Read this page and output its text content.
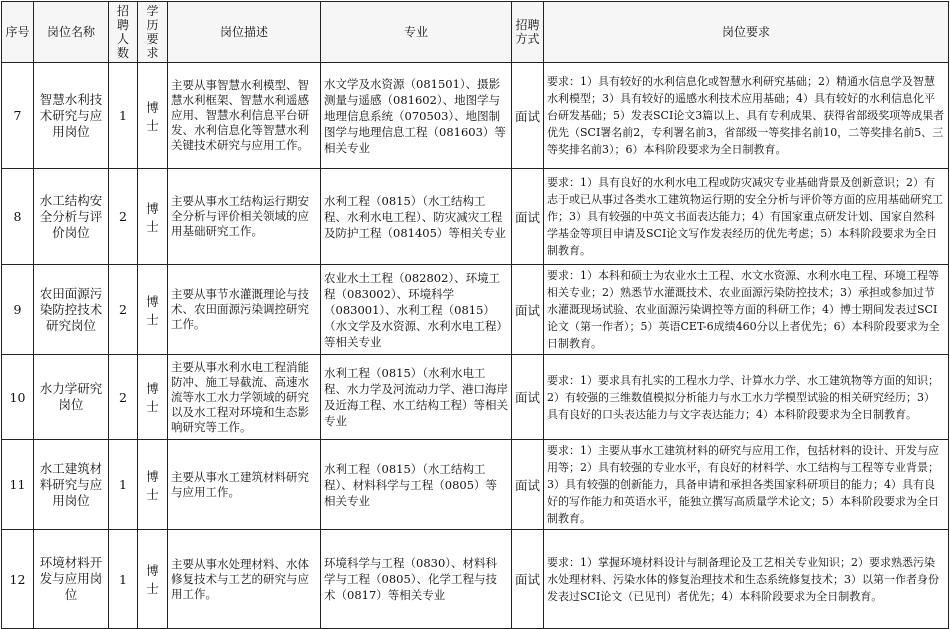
序号	岗位名称	招聘人数	学历要求	岗位描述	专业	招聘方式	岗位要求
7	智慧水利技术研究与应用岗位	1	博士	主要从事智慧水利模型、智慧水利框架、智慧水利遥感应用、智慧水利信息平台研发、水利信息化等智慧水利关键技术研究与应用工作。	水文学及水资源（081501）、摄影测量与遥感（081602）、地图学与地理信息系统（070503）、地图制图学与地理信息工程（081603）等相关专业	面试	要求：1）具有较好的水利信息化或智慧水利研究基础；2）精通水信息学及智慧水利模型；3）具有较好的遥感水利技术应用基础；4）具有较好的水利信息化平台研发基础；5）发表SCI论文3篇以上、具有专利成果、获得省部级奖项等成果者优先（SCI署名前2，专利署名前3，省部级一等奖排名前10，二等奖排名前5、三等奖排名前3）；6）本科阶段要求为全日制教育。
8	水工结构安全分析与评价岗位	2	博士	主要从事水工结构运行期安全分析与评价相关领域的应用基础研究工作。	水利工程（0815）（水工结构工程、水利水电工程）、防灾减灾工程及防护工程（081405）等相关专业	面试	要求：1）具有良好的水利水电工程或防灾减灾专业基础背景及创新意识；2）有志于或已从事过各类水工建筑物运行期的安全分析与评价等方面的应用基础研究工作；3）具有较强的中英文书面表达能力；4）有国家重点研发计划、国家自然科学基金等项目申请及SCI论文写作发表经历的优先考虑；5）本科阶段要求为全日制教育。
9	农田面源污染防控技术研究岗位	2	博士	主要从事节水灌溉理论与技术、农田面源污染调控研究工作。	农业水土工程（082802）、环境工程（083002）、环境科学（083001）、水利工程（0815）（水文学及水资源、水利水电工程）等相关专业	面试	要求：1）本科和硕士为农业水土工程、水文水资源、水利水电工程、环境工程等相关专业；2）熟悉节水灌溉技术、农业面源污染防控技术；3）承担或参加过节水灌溉现场试验、农业面源污染调控等方面的科研工作；4）博士期间发表过SCI论文（第一作者）；5）英语CET-6成绩460分以上者优先；6）本科阶段要求为全日制教育。
10	水力学研究岗位	2	博士	主要从事水利水电工程消能防冲、施工导截流、高速水流等水工水力学领域的研究以及水工程对环境和生态影响研究等工作。	水利工程（0815）（水利水电工程、水力学及河流动力学、港口海岸及近海工程、水工结构工程）等相关专业	面试	要求：1）要求具有扎实的工程水力学、计算水力学、水工建筑物等方面的知识；2）有较强的三维数值模拟分析能力与水工水力学模型试验的相关研究经历；3）具有良好的口头表达能力与文字表达能力；4）本科阶段要求为全日制教育。
11	水工建筑材料研究与应用岗位	1	博士	主要从事水工建筑材料研究与应用工作。	水利工程（0815）（水工结构工程）、材料科学与工程（0805）等相关专业	面试	要求：1）主要从事水工建筑材料的研究与应用工作，包括材料的设计、开发与应用等；2）具有较强的专业水平，有良好的材料学、水工结构与工程等专业背景；3）具有较强的创新能力，具备申请和承担各类国家科研项目的能力；4）具有良好的写作能力和英语水平，能独立撰写高质量学术论文；5）本科阶段要求为全日制教育。
12	环境材料开发与应用岗位	1	博士	主要从事水处理材料、水体修复技术与工艺的研究与应用工作。	环境科学与工程（0830）、材料科学与工程（0805）、化学工程与技术（0817）等相关专业	面试	要求：1）掌握环境材料设计与制备理论及工艺相关专业知识；2）要求熟悉污染水处理材料、污染水体的修复治理技术和生态系统修复技术；3）以第一作者身份发表过SCI论文（已见刊）者优先；4）本科阶段要求为全日制教育。
